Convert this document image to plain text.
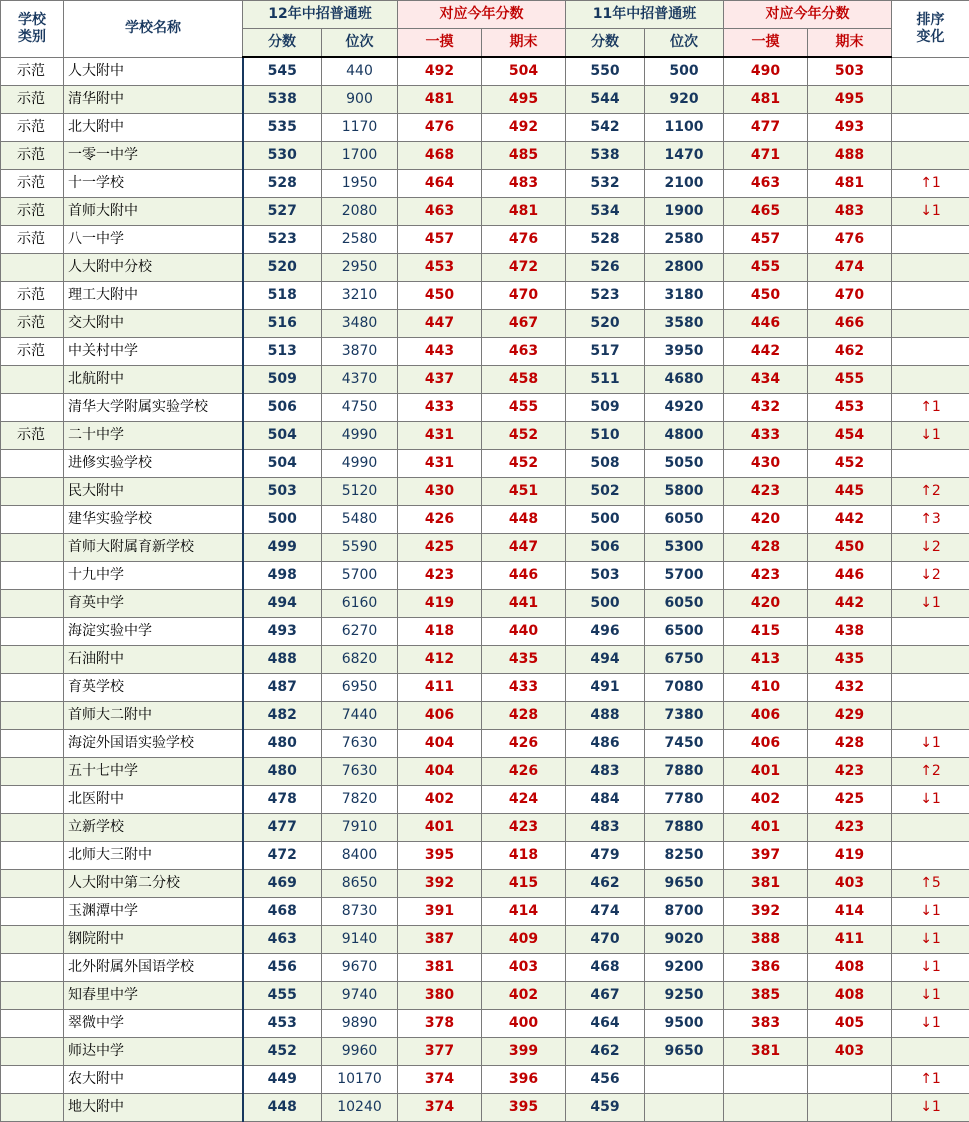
学校
类别	学校名称	12年中招普通班		对应今年分数		11年中招普通班		对应今年分数		排序
变化
		分数	位次	一摸	期末	分数	位次	一摸	期末	
示范	人大附中	545	440	492	504	550	500	490	503	
示范	清华附中	538	900	481	495	544	920	481	495	
示范	北大附中	535	1170	476	492	542	1100	477	493	
示范	一零一中学	530	1700	468	485	538	1470	471	488	
示范	十一学校	528	1950	464	483	532	2100	463	481	↑1
示范	首师大附中	527	2080	463	481	534	1900	465	483	↓1
示范	八一中学	523	2580	457	476	528	2580	457	476	
	人大附中分校	520	2950	453	472	526	2800	455	474	
示范	理工大附中	518	3210	450	470	523	3180	450	470	
示范	交大附中	516	3480	447	467	520	3580	446	466	
示范	中关村中学	513	3870	443	463	517	3950	442	462	
	北航附中	509	4370	437	458	511	4680	434	455	
	清华大学附属实验学校	506	4750	433	455	509	4920	432	453	↑1
示范	二十中学	504	4990	431	452	510	4800	433	454	↓1
	进修实验学校	504	4990	431	452	508	5050	430	452	
	民大附中	503	5120	430	451	502	5800	423	445	↑2
	建华实验学校	500	5480	426	448	500	6050	420	442	↑3
	首师大附属育新学校	499	5590	425	447	506	5300	428	450	↓2
	十九中学	498	5700	423	446	503	5700	423	446	↓2
	育英中学	494	6160	419	441	500	6050	420	442	↓1
	海淀实验中学	493	6270	418	440	496	6500	415	438	
	石油附中	488	6820	412	435	494	6750	413	435	
	育英学校	487	6950	411	433	491	7080	410	432	
	首师大二附中	482	7440	406	428	488	7380	406	429	
	海淀外国语实验学校	480	7630	404	426	486	7450	406	428	↓1
	五十七中学	480	7630	404	426	483	7880	401	423	↑2
	北医附中	478	7820	402	424	484	7780	402	425	↓1
	立新学校	477	7910	401	423	483	7880	401	423	
	北师大三附中	472	8400	395	418	479	8250	397	419	
	人大附中第二分校	469	8650	392	415	462	9650	381	403	↑5
	玉渊潭中学	468	8730	391	414	474	8700	392	414	↓1
	钢院附中	463	9140	387	409	470	9020	388	411	↓1
	北外附属外国语学校	456	9670	381	403	468	9200	386	408	↓1
	知春里中学	455	9740	380	402	467	9250	385	408	↓1
	翠微中学	453	9890	378	400	464	9500	383	405	↓1
	师达中学	452	9960	377	399	462	9650	381	403	
	农大附中	449	10170	374	396	456				↑1
	地大附中	448	10240	374	395	459				↓1
